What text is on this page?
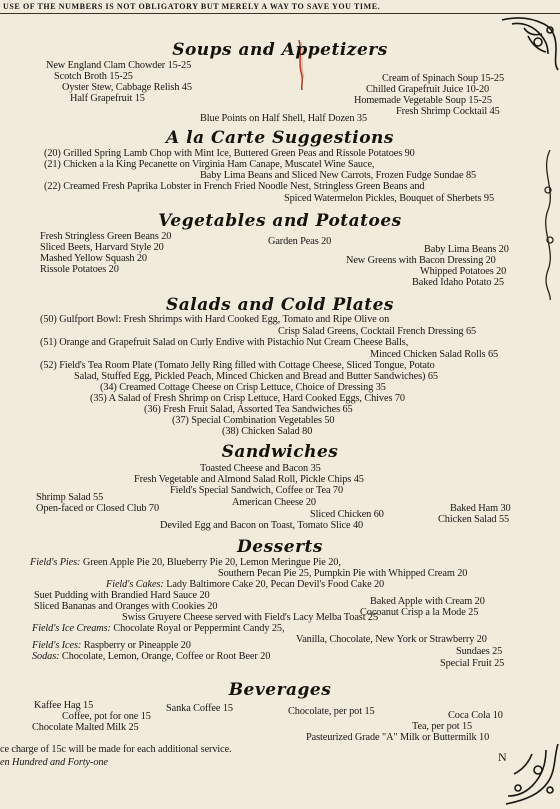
USE OF THE NUMBERS IS NOT OBLIGATORY BUT MERELY A WAY TO SAVE YOU TIME.
Soups and Appetizers
New England Clam Chowder 15-25
Scotch Broth 15-25
Oyster Stew, Cabbage Relish 45
Half Grapefruit 15
Cream of Spinach Soup 15-25
Chilled Grapefruit Juice 10-20
Homemade Vegetable Soup 15-25
Fresh Shrimp Cocktail 45
Blue Points on Half Shell, Half Dozen 35
A la Carte Suggestions
(20) Grilled Spring Lamb Chop with Mint Ice, Buttered Green Peas and Rissole Potatoes 90
(21) Chicken a la King Pecanette on Virginia Ham Canape, Muscatel Wine Sauce,
Baby Lima Beans and Sliced New Carrots, Frozen Fudge Sundae 85
(22) Creamed Fresh Paprika Lobster in French Fried Noodle Nest, Stringless Green Beans and
Spiced Watermelon Pickles, Bouquet of Sherbets 95
Vegetables and Potatoes
Fresh Stringless Green Beans 20
Sliced Beets, Harvard Style 20
Mashed Yellow Squash 20
Rissole Potatoes 20
Garden Peas 20
Baby Lima Beans 20
New Greens with Bacon Dressing 20
Whipped Potatoes 20
Baked Idaho Potato 25
Salads and Cold Plates
(50) Gulfport Bowl: Fresh Shrimps with Hard Cooked Egg, Tomato and Ripe Olive on
Crisp Salad Greens, Cocktail French Dressing 65
(51) Orange and Grapefruit Salad on Curly Endive with Pistachio Nut Cream Cheese Balls,
Minced Chicken Salad Rolls 65
(52) Field's Tea Room Plate (Tomato Jelly Ring filled with Cottage Cheese, Sliced Tongue, Potato
Salad, Stuffed Egg, Pickled Peach, Minced Chicken and Bread and Butter Sandwiches) 65
(34) Creamed Cottage Cheese on Crisp Lettuce, Choice of Dressing 35
(35) A Salad of Fresh Shrimp on Crisp Lettuce, Hard Cooked Eggs, Chives 70
(36) Fresh Fruit Salad, Assorted Tea Sandwiches 65
(37) Special Combination Vegetables 50
(38) Chicken Salad 80
Sandwiches
Toasted Cheese and Bacon 35
Fresh Vegetable and Almond Salad Roll, Pickle Chips 45
Field's Special Sandwich, Coffee or Tea 70
American Cheese 20
Shrimp Salad 55
Open-faced or Closed Club 70
Sliced Chicken 60
Baked Ham 30
Chicken Salad 55
Deviled Egg and Bacon on Toast, Tomato Slice 40
Desserts
Field's Pies: Green Apple Pie 20, Blueberry Pie 20, Lemon Meringue Pie 20,
Southern Pecan Pie 25, Pumpkin Pie with Whipped Cream 20
Field's Cakes: Lady Baltimore Cake 20, Pecan Devil's Food Cake 20
Suet Pudding with Brandied Hard Sauce 20
Baked Apple with Cream 20
Sliced Bananas and Oranges with Cookies 20
Cocoanut Crisp a la Mode 25
Swiss Gruyere Cheese served with Field's Lacy Melba Toast 25
Field's Ice Creams: Chocolate Royal or Peppermint Candy 25,
Vanilla, Chocolate, New York or Strawberry 20
Field's Ices: Raspberry or Pineapple 20
Sundaes 25
Sodas: Chocolate, Lemon, Orange, Coffee or Root Beer 20
Special Fruit 25
Beverages
Kaffee Hag 15	Sanka Coffee 15	Chocolate, per pot 15	Coca Cola 10
Coffee, pot for one 15
Tea, per pot 15
Chocolate Malted Milk 25
Pasteurized Grade "A" Milk or Buttermilk 10
ce charge of 15c will be made for each additional service.
en Hundred and Forty-one	N
